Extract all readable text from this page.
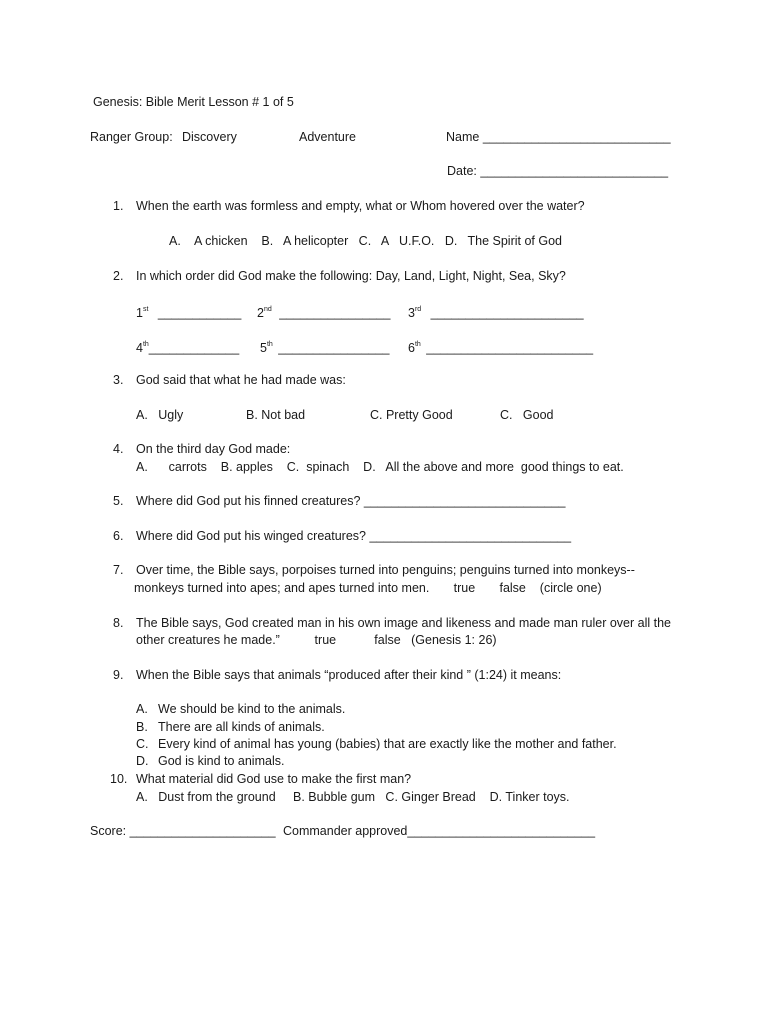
Genesis: Bible Merit Lesson # 1 of 5
Ranger Group: Discovery	Adventure	Name ___________________________
Date: ___________________________
1. When the earth was formless and empty, what or Whom hovered over the water?
A.    A chicken    B.   A helicopter   C.   A   U.F.O.   D.   The Spirit of God
2. In which order did God make the following: Day, Land, Light, Night, Sea, Sky?
1st ____________ 2nd ________________ 3rd ______________________
4th_____________ 5th ________________ 6th ________________________
3. God said that what he had made was:
A.   Ugly	B. Not bad	C. Pretty Good	C.   Good
4. On the third day God made:
A.      carrots    B. apples    C.  spinach    D.   All the above and more  good things to eat.
5. Where did God put his finned creatures? _____________________________
6. Where did God put his winged creatures? _____________________________
7. Over time, the Bible says, porpoises turned into penguins; penguins turned into monkeys--
monkeys turned into apes; and apes turned into men.       true       false    (circle one)
8. The Bible says, God created man in his own image and likeness and made man ruler over all the
other creatures he made.”          true           false   (Genesis 1: 26)
9. When the Bible says that animals “produced after their kind ” (1:24) it means:
A. We should be kind to the animals.
B. There are all kinds of animals.
C. Every kind of animal has young (babies) that are exactly like the mother and father.
D. God is kind to animals.
10. What material did God use to make the first man?
A.   Dust from the ground     B. Bubble gum   C. Ginger Bread    D. Tinker toys.
Score: _____________________ Commander approved___________________________
